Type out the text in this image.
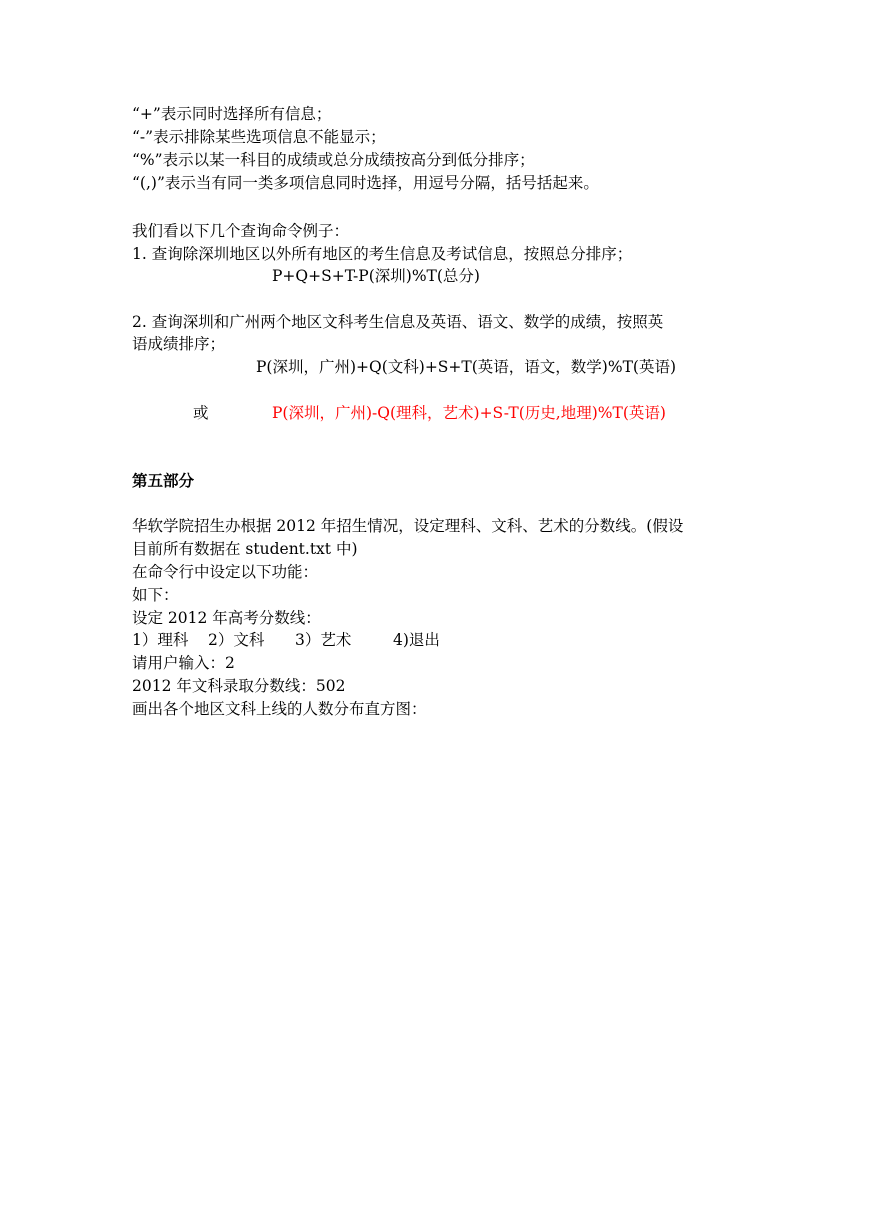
“+”表示同时选择所有信息；
“-”表示排除某些选项信息不能显示；
“%”表示以某一科目的成绩或总分成绩按高分到低分排序；
“(,)”表示当有同一类多项信息同时选择，用逗号分隔，括号括起来。
我们看以下几个查询命令例子：
1. 查询除深圳地区以外所有地区的考生信息及考试信息，按照总分排序；
P+Q+S+T-P(深圳)%T(总分)
2. 查询深圳和广州两个地区文科考生信息及英语、语文、数学的成绩，按照英
语成绩排序；
P(深圳，广州)+Q(文科)+S+T(英语，语文，数学)%T(英语)
或	P(深圳，广州)-Q(理科，艺术)+S-T(历史,地理)%T(英语)
第五部分
华软学院招生办根据 2012 年招生情况，设定理科、文科、艺术的分数线。(假设
目前所有数据在 student.txt 中)
在命令行中设定以下功能：
如下：
设定 2012 年高考分数线：
1）理科 2）文科 3）艺术	4)退出
请用户输入：2
2012 年文科录取分数线：502
画出各个地区文科上线的人数分布直方图：
